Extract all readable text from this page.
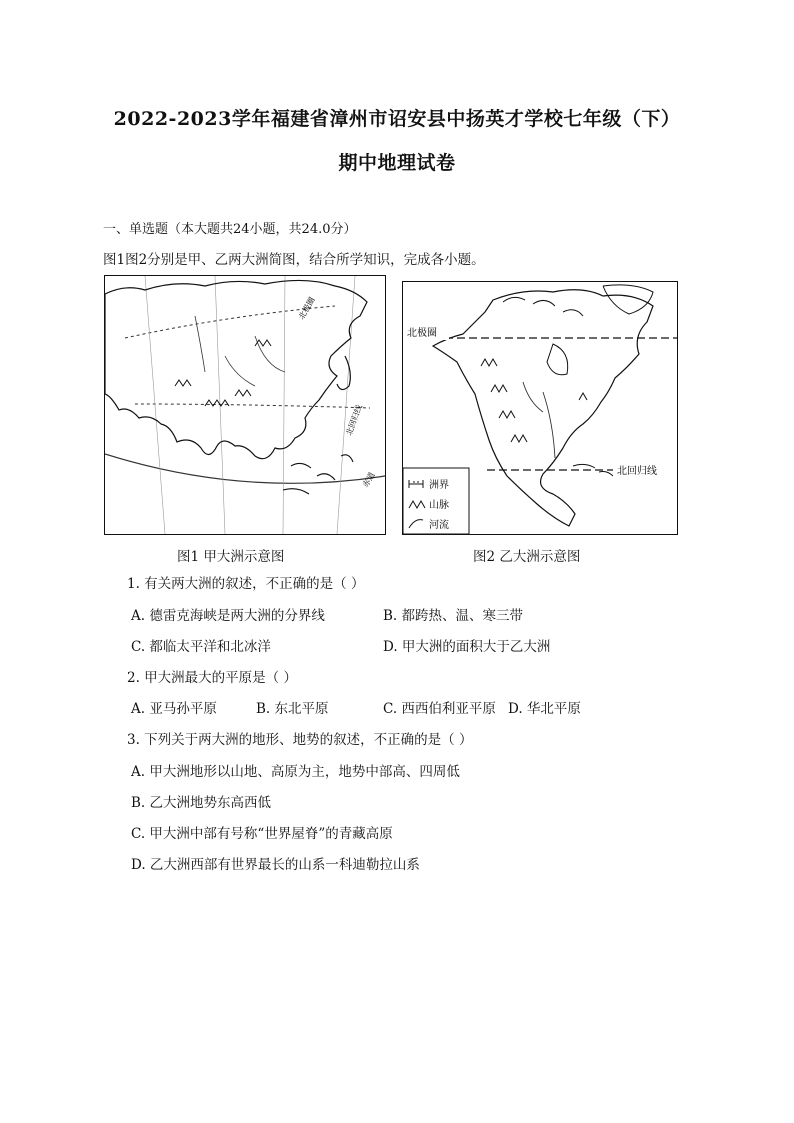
2022-2023学年福建省漳州市诏安县中扬英才学校七年级（下）
期中地理试卷
一、单选题（本大题共24小题，共24.0分）
图1图2分别是甲、乙两大洲简图，结合所学知识，完成各小题。
北极圈
北回归线
赤道
北极圈
北回归线
洲界
山脉
河流
图1 甲大洲示意图	图2 乙大洲示意图
1. 有关两大洲的叙述，不正确的是（ ）
A. 德雷克海峡是两大洲的分界线	B. 都跨热、温、寒三带
C. 都临太平洋和北冰洋	D. 甲大洲的面积大于乙大洲
2. 甲大洲最大的平原是（ ）
A. 亚马孙平原	B. 东北平原	C. 西西伯利亚平原 D. 华北平原
3. 下列关于两大洲的地形、地势的叙述，不正确的是（ ）
A. 甲大洲地形以山地、高原为主，地势中部高、四周低
B. 乙大洲地势东高西低
C. 甲大洲中部有号称“世界屋脊”的青藏高原
D. 乙大洲西部有世界最长的山系一科迪勒拉山系
